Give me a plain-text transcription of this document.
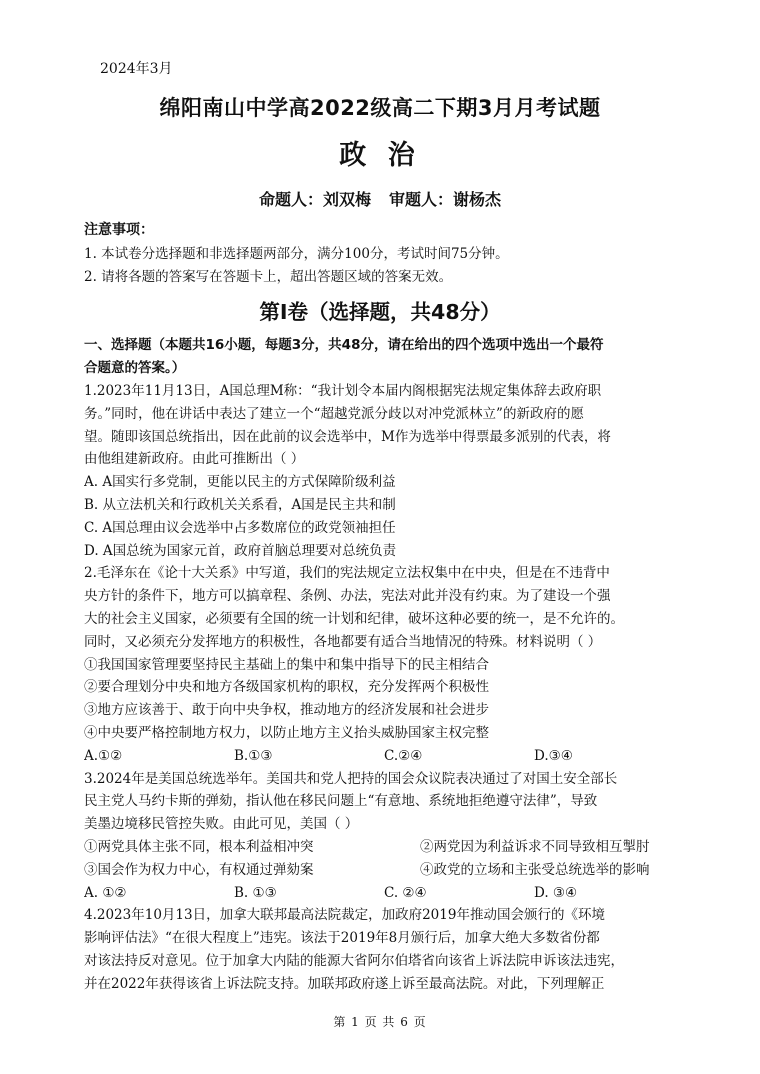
2024年3月
绵阳南山中学高2022级高二下期3月月考试题
政 治
命题人：刘双梅 审题人：谢杨杰
注意事项：
1. 本试卷分选择题和非选择题两部分，满分100分，考试时间75分钟。
2. 请将各题的答案写在答题卡上，超出答题区域的答案无效。
第Ⅰ卷（选择题，共48分）
一、选择题（本题共16小题，每题3分，共48分，请在给出的四个选项中选出一个最符
合题意的答案。）
1.2023年11月13日，A国总理M称：“我计划令本届内阁根据宪法规定集体辞去政府职
务。”同时，他在讲话中表达了建立一个“超越党派分歧以对冲党派林立”的新政府的愿
望。随即该国总统指出，因在此前的议会选举中，M作为选举中得票最多派别的代表，将
由他组建新政府。由此可推断出（ ）
A. A国实行多党制，更能以民主的方式保障阶级利益
B. 从立法机关和行政机关关系看，A国是民主共和制
C. A国总理由议会选举中占多数席位的政党领袖担任
D. A国总统为国家元首，政府首脑总理要对总统负责
2.毛泽东在《论十大关系》中写道，我们的宪法规定立法权集中在中央，但是在不违背中
央方针的条件下，地方可以搞章程、条例、办法，宪法对此并没有约束。为了建设一个强
大的社会主义国家，必须要有全国的统一计划和纪律，破坏这种必要的统一，是不允许的。
同时，又必须充分发挥地方的积极性，各地都要有适合当地情况的特殊。材料说明（ ）
①我国国家管理要坚持民主基础上的集中和集中指导下的民主相结合
②要合理划分中央和地方各级国家机构的职权，充分发挥两个积极性
③地方应该善于、敢于向中央争权，推动地方的经济发展和社会进步
④中央要严格控制地方权力，以防止地方主义抬头威胁国家主权完整
A.①②	B.①③	C.②④	D.③④
3.2024年是美国总统选举年。美国共和党人把持的国会众议院表决通过了对国土安全部长
民主党人马约卡斯的弹劾，指认他在移民问题上“有意地、系统地拒绝遵守法律”，导致
美墨边境移民管控失败。由此可见，美国（ ）
①两党具体主张不同，根本利益相冲突	②两党因为利益诉求不同导致相互掣肘
③国会作为权力中心，有权通过弹劾案	④政党的立场和主张受总统选举的影响
A. ①②	B. ①③	C. ②④	D. ③④
4.2023年10月13日，加拿大联邦最高法院裁定，加政府2019年推动国会颁行的《环境
影响评估法》“在很大程度上”违宪。该法于2019年8月颁行后，加拿大绝大多数省份都
对该法持反对意见。位于加拿大内陆的能源大省阿尔伯塔省向该省上诉法院申诉该法违宪，
并在2022年获得该省上诉法院支持。加联邦政府遂上诉至最高法院。对此，下列理解正
第 1 页 共 6 页
